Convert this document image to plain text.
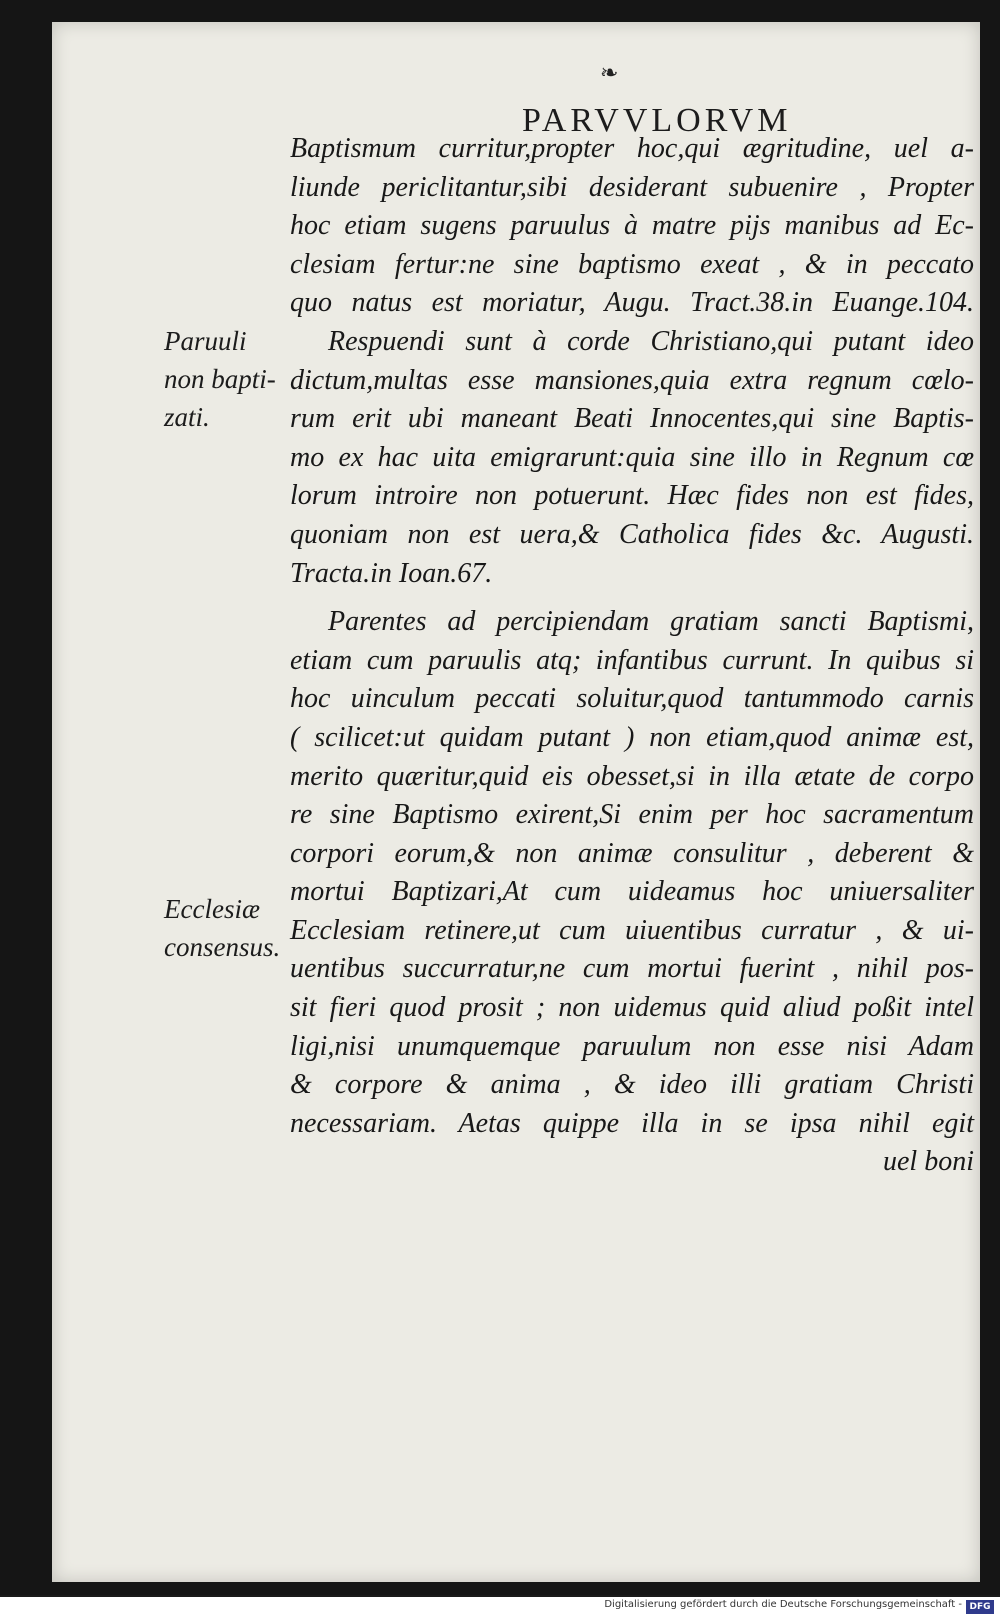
❧
PARVVLORVM
Paruuli
non bapti-
zati.
Ecclesiæ
consensus.

Baptismum curritur,propter hoc,qui ægritudine, uel a-
liunde periclitantur,sibi desiderant subuenire , Propter
hoc etiam sugens paruulus à matre pijs manibus ad Ec-
clesiam fertur:ne sine baptismo exeat , & in peccato
quo natus est moriatur, Augu. Tract.38.in Euange.104.

Respuendi sunt à corde Christiano,qui putant ideo
dictum,multas esse mansiones,quia extra regnum cœlo-
rum erit ubi maneant Beati Innocentes,qui sine Baptis-
mo ex hac uita emigrarunt:quia sine illo in Regnum cœ
lorum introire non potuerunt. Hæc fides non est fides,
quoniam non est uera,& Catholica fides &c. Augusti.
Tracta.in Ioan.67.

Parentes ad percipiendam gratiam sancti Baptismi,
etiam cum paruulis atq; infantibus currunt. In quibus si
hoc uinculum peccati soluitur,quod tantummodo carnis
( scilicet:ut quidam putant ) non etiam,quod animæ est,
merito quæritur,quid eis obesset,si in illa ætate de corpo
re sine Baptismo exirent,Si enim per hoc sacramentum
corpori eorum,& non animæ consulitur , deberent &
mortui Baptizari,At cum uideamus hoc uniuersaliter
Ecclesiam retinere,ut cum uiuentibus curratur , & ui-
uentibus succurratur,ne cum mortui fuerint , nihil pos-
sit fieri quod prosit ; non uidemus quid aliud poßit intel
ligi,nisi unumquemque paruulum non esse nisi Adam
& corpore & anima , & ideo illi gratiam Christi
necessariam. Aetas quippe illa in se ipsa nihil egit

uel boni
Digitalisierung gefördert durch die Deutsche Forschungsgemeinschaft - DFG
